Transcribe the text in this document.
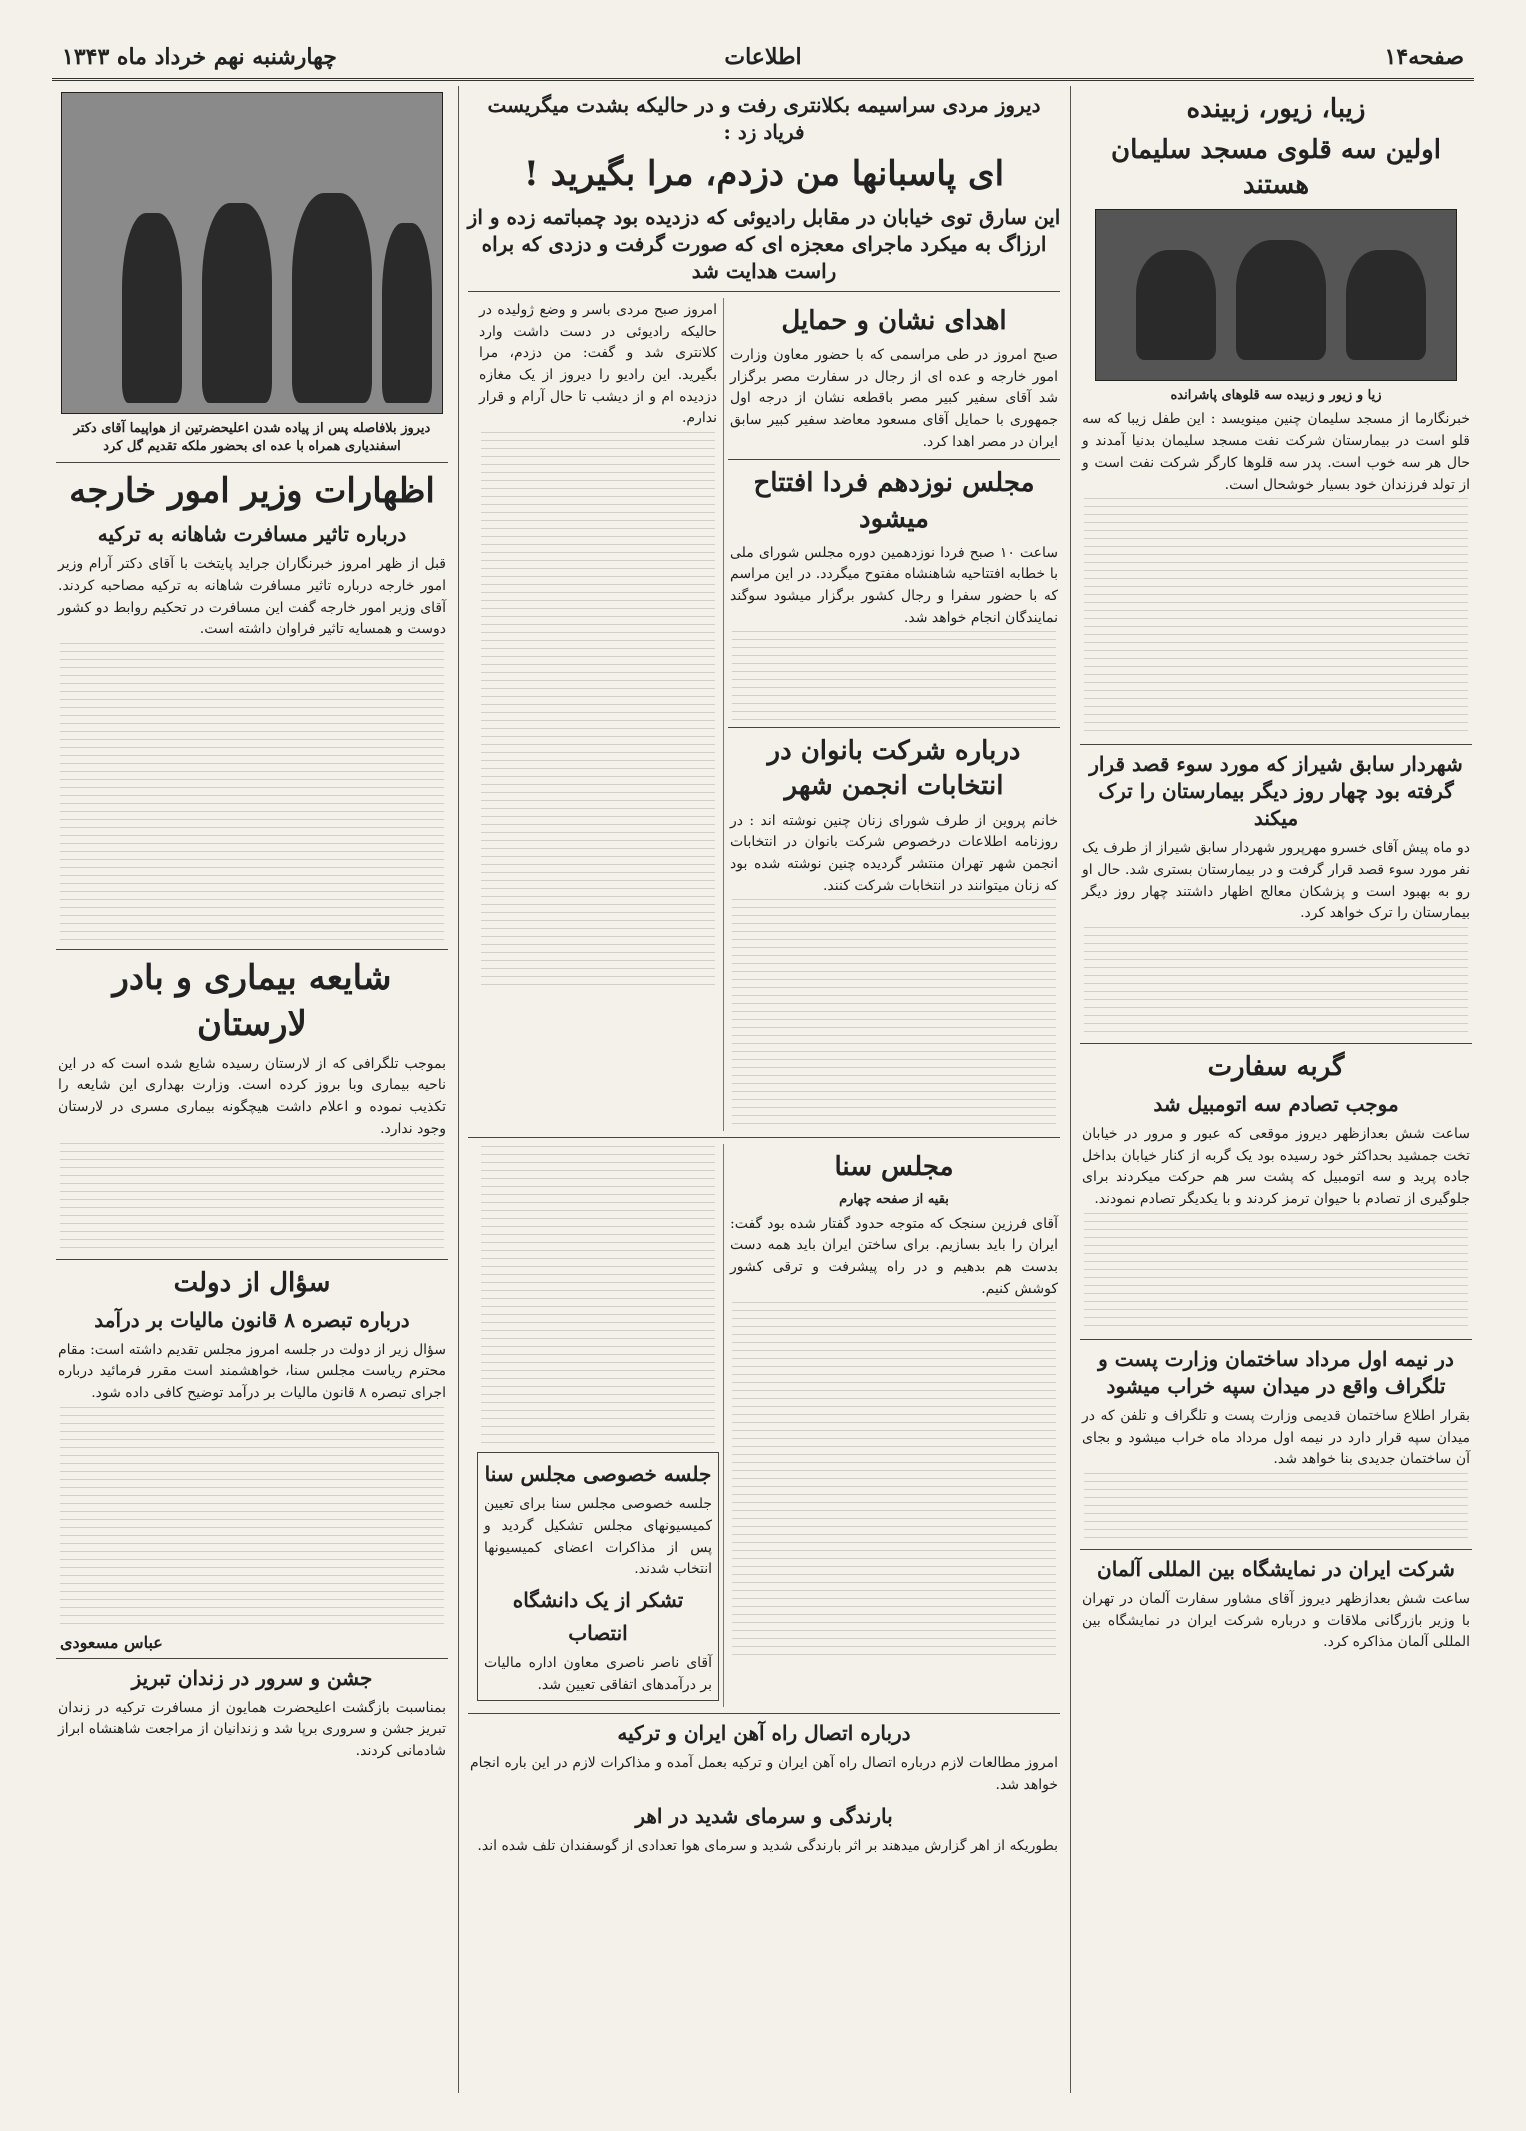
صفحه۱۴
اطلاعات
چهارشنبه نهم خرداد ماه ۱۳۴۳
زیبا، زیور، زبینده
اولین سه قلوی مسجد سلیمان هستند
زیا و زیور و زبیده سه قلوهای پاشرانده
خبرنگارما از مسجد سلیمان چنین مینویسد : این طفل زیبا که سه قلو است در بیمارستان شرکت نفت مسجد سلیمان بدنیا آمدند و حال هر سه خوب است. پدر سه قلوها کارگر شرکت نفت است و از تولد فرزندان خود بسیار خوشحال است.
شهردار سابق شیراز که مورد سوء قصد قرار گرفته بود چهار روز دیگر بیمارستان را ترک میکند
دو ماه پیش آقای خسرو مهرپرور شهردار سابق شیراز از طرف یک نفر مورد سوء قصد قرار گرفت و در بیمارستان بستری شد. حال او رو به بهبود است و پزشکان معالج اظهار داشتند چهار روز دیگر بیمارستان را ترک خواهد کرد.
گربه سفارت
موجب تصادم سه اتومبیل شد
ساعت شش بعدازظهر دیروز موقعی که عبور و مرور در خیابان تخت جمشید بحداکثر خود رسیده بود یک گربه از کنار خیابان بداخل جاده پرید و سه اتومبیل که پشت سر هم حرکت میکردند برای جلوگیری از تصادم با حیوان ترمز کردند و با یکدیگر تصادم نمودند.
در نیمه اول مرداد ساختمان وزارت پست و تلگراف واقع در میدان سپه خراب میشود
بقرار اطلاع ساختمان قدیمی وزارت پست و تلگراف و تلفن که در میدان سپه قرار دارد در نیمه اول مرداد ماه خراب میشود و بجای آن ساختمان جدیدی بنا خواهد شد.
شرکت ایران در نمایشگاه بین المللی آلمان
ساعت شش بعدازظهر دیروز آقای مشاور سفارت آلمان در تهران با وزیر بازرگانی ملاقات و درباره شرکت ایران در نمایشگاه بین المللی آلمان مذاکره کرد.
دیروز مردی سراسیمه بکلانتری رفت و در حالیکه بشدت میگریست فریاد زد :
ای پاسبانها من دزدم، مرا بگیرید !
این سارق توی خیابان در مقابل رادیوئی که دزدیده بود چمباتمه زده و از ارزاگ به میکرد ماجرای معجزه ای که صورت گرفت و دزدی که براه راست هدایت شد
اهدای نشان و حمایل
صبح امروز در طی مراسمی که با حضور معاون وزارت امور خارجه و عده ای از رجال در سفارت مصر برگزار شد آقای سفیر کبیر مصر باقطعه نشان از درجه اول جمهوری با حمایل آقای مسعود معاضد سفیر کبیر سابق ایران در مصر اهدا کرد.
مجلس نوزدهم فردا افتتاح میشود
ساعت ۱۰ صبح فردا نوزدهمین دوره مجلس شورای ملی با خطابه افتتاحیه شاهنشاه مفتوح میگردد. در این مراسم که با حضور سفرا و رجال کشور برگزار میشود سوگند نمایندگان انجام خواهد شد.
درباره شرکت بانوان در انتخابات انجمن شهر
خانم پروین از طرف شورای زنان چنین نوشته اند : در روزنامه اطلاعات درخصوص شرکت بانوان در انتخابات انجمن شهر تهران منتشر گردیده چنین نوشته شده بود که زنان میتوانند در انتخابات شرکت کنند.
امروز صبح مردی باسر و وضع ژولیده در حالیکه رادیوئی در دست داشت وارد کلانتری شد و گفت: من دزدم، مرا بگیرید. این رادیو را دیروز از یک مغازه دزدیده ام و از دیشب تا حال آرام و قرار ندارم.
مجلس سنا
بقیه از صفحه چهارم
آقای فرزین سنجک که متوجه حدود گفتار شده بود گفت: ایران را باید بسازیم. برای ساختن ایران باید همه دست بدست هم بدهیم و در راه پیشرفت و ترقی کشور کوشش کنیم.
جلسه خصوصی مجلس سنا
جلسه خصوصی مجلس سنا برای تعیین کمیسیونهای مجلس تشکیل گردید و پس از مذاکرات اعضای کمیسیونها انتخاب شدند.
تشکر از یک دانشگاه
انتصاب
آقای ناصر ناصری معاون اداره مالیات بر درآمدهای اتفاقی تعیین شد.
درباره اتصال راه آهن ایران و ترکیه
امروز مطالعات لازم درباره اتصال راه آهن ایران و ترکیه بعمل آمده و مذاکرات لازم در این باره انجام خواهد شد.
بارندگی و سرمای شدید در اهر
بطوریکه از اهر گزارش میدهند بر اثر بارندگی شدید و سرمای هوا تعدادی از گوسفندان تلف شده اند.
دیروز بلافاصله پس از پیاده شدن اعلیحضرتین از هواپیما آقای دکتر اسفندیاری همراه با عده ای بحضور ملکه تقدیم گل کرد
اظهارات وزیر امور خارجه
درباره تاثیر مسافرت شاهانه به ترکیه
قبل از ظهر امروز خبرنگاران جراید پایتخت با آقای دکتر آرام وزیر امور خارجه درباره تاثیر مسافرت شاهانه به ترکیه مصاحبه کردند. آقای وزیر امور خارجه گفت این مسافرت در تحکیم روابط دو کشور دوست و همسایه تاثیر فراوان داشته است.
شایعه بیماری و بادر لارستان
بموجب تلگرافی که از لارستان رسیده شایع شده است که در این ناحیه بیماری وبا بروز کرده است. وزارت بهداری این شایعه را تکذیب نموده و اعلام داشت هیچگونه بیماری مسری در لارستان وجود ندارد.
سؤال از دولت
درباره تبصره ۸ قانون مالیات بر درآمد
سؤال زیر از دولت در جلسه امروز مجلس تقدیم داشته است: مقام محترم ریاست مجلس سنا، خواهشمند است مقرر فرمائید درباره اجرای تبصره ۸ قانون مالیات بر درآمد توضیح کافی داده شود.
عباس مسعودی
جشن و سرور در زندان تبریز
بمناسبت بازگشت اعلیحضرت همایون از مسافرت ترکیه در زندان تبریز جشن و سروری برپا شد و زندانیان از مراجعت شاهنشاه ابراز شادمانی کردند.
